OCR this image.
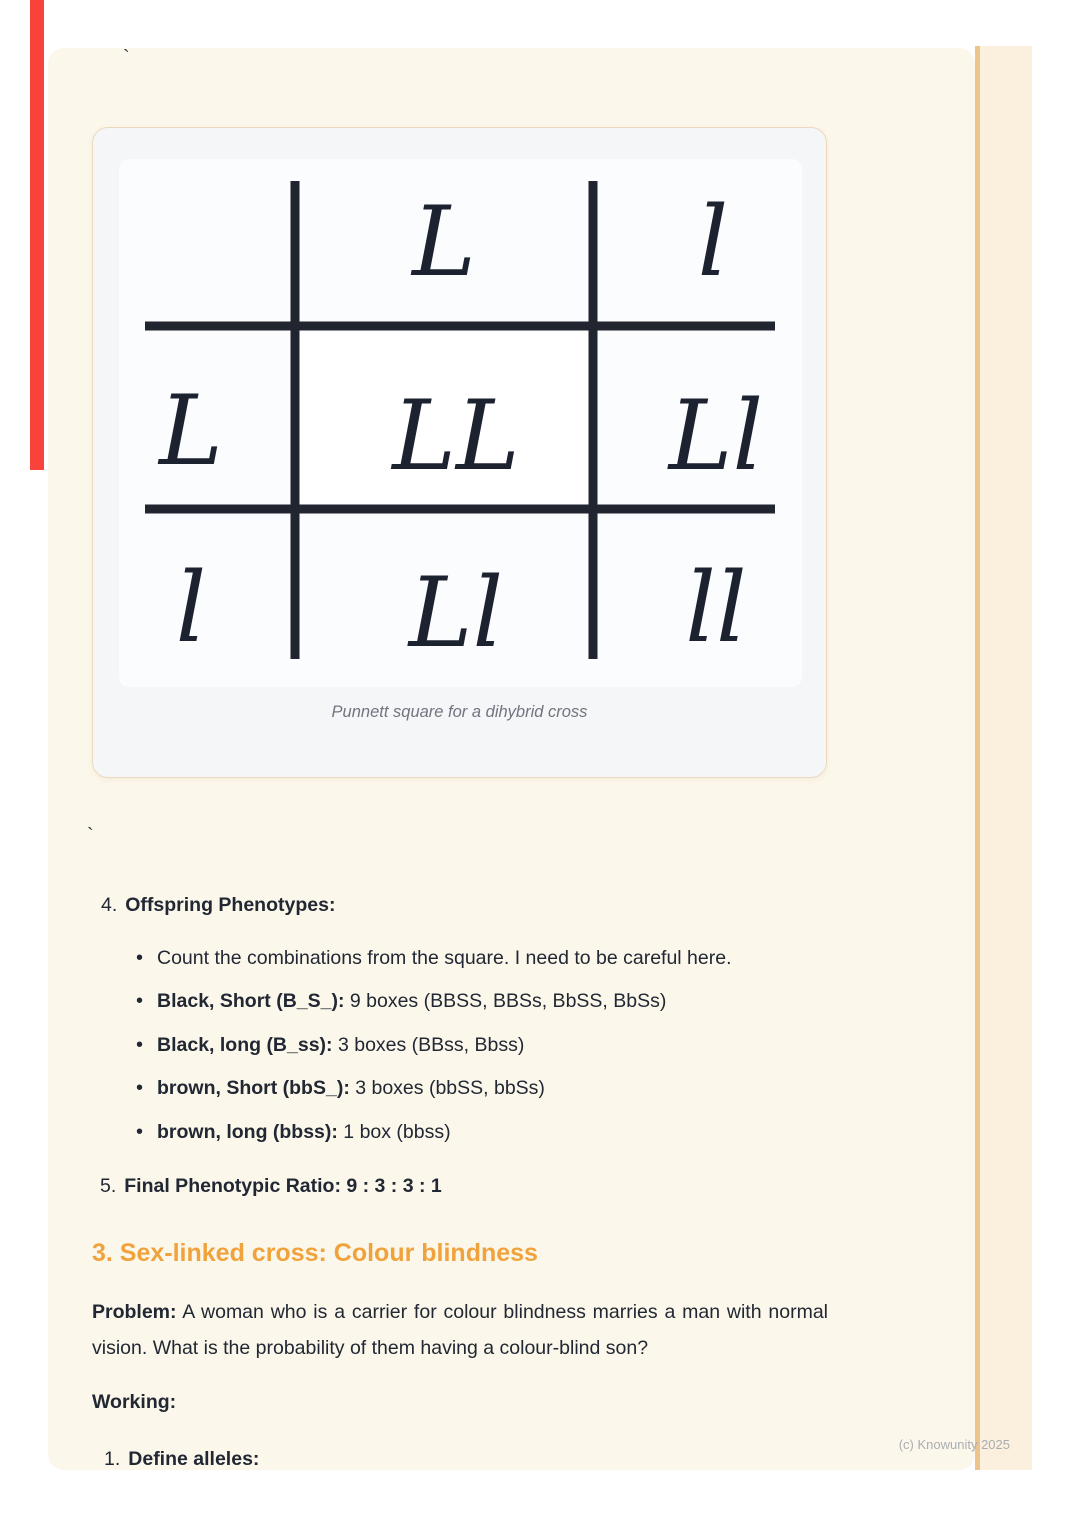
`
L l
L LL Ll
l Ll ll
Punnett square for a dihybrid cross
`
4. Offspring Phenotypes:
• Count the combinations from the square. I need to be careful here.
• Black, Short (B_S_): 9 boxes (BBSS, BBSs, BbSS, BbSs)
• Black, long (B_ss): 3 boxes (BBss, Bbss)
• brown, Short (bbS_): 3 boxes (bbSS, bbSs)
• brown, long (bbss): 1 box (bbss)
5. Final Phenotypic Ratio: 9 : 3 : 3 : 1
3. Sex-linked cross: Colour blindness

Problem: A woman who is a carrier for colour blindness marries a man with normal vision. What is the probability of them having a colour-blind son?

Working:
1. Define alleles:
(c) Knowunity 2025
